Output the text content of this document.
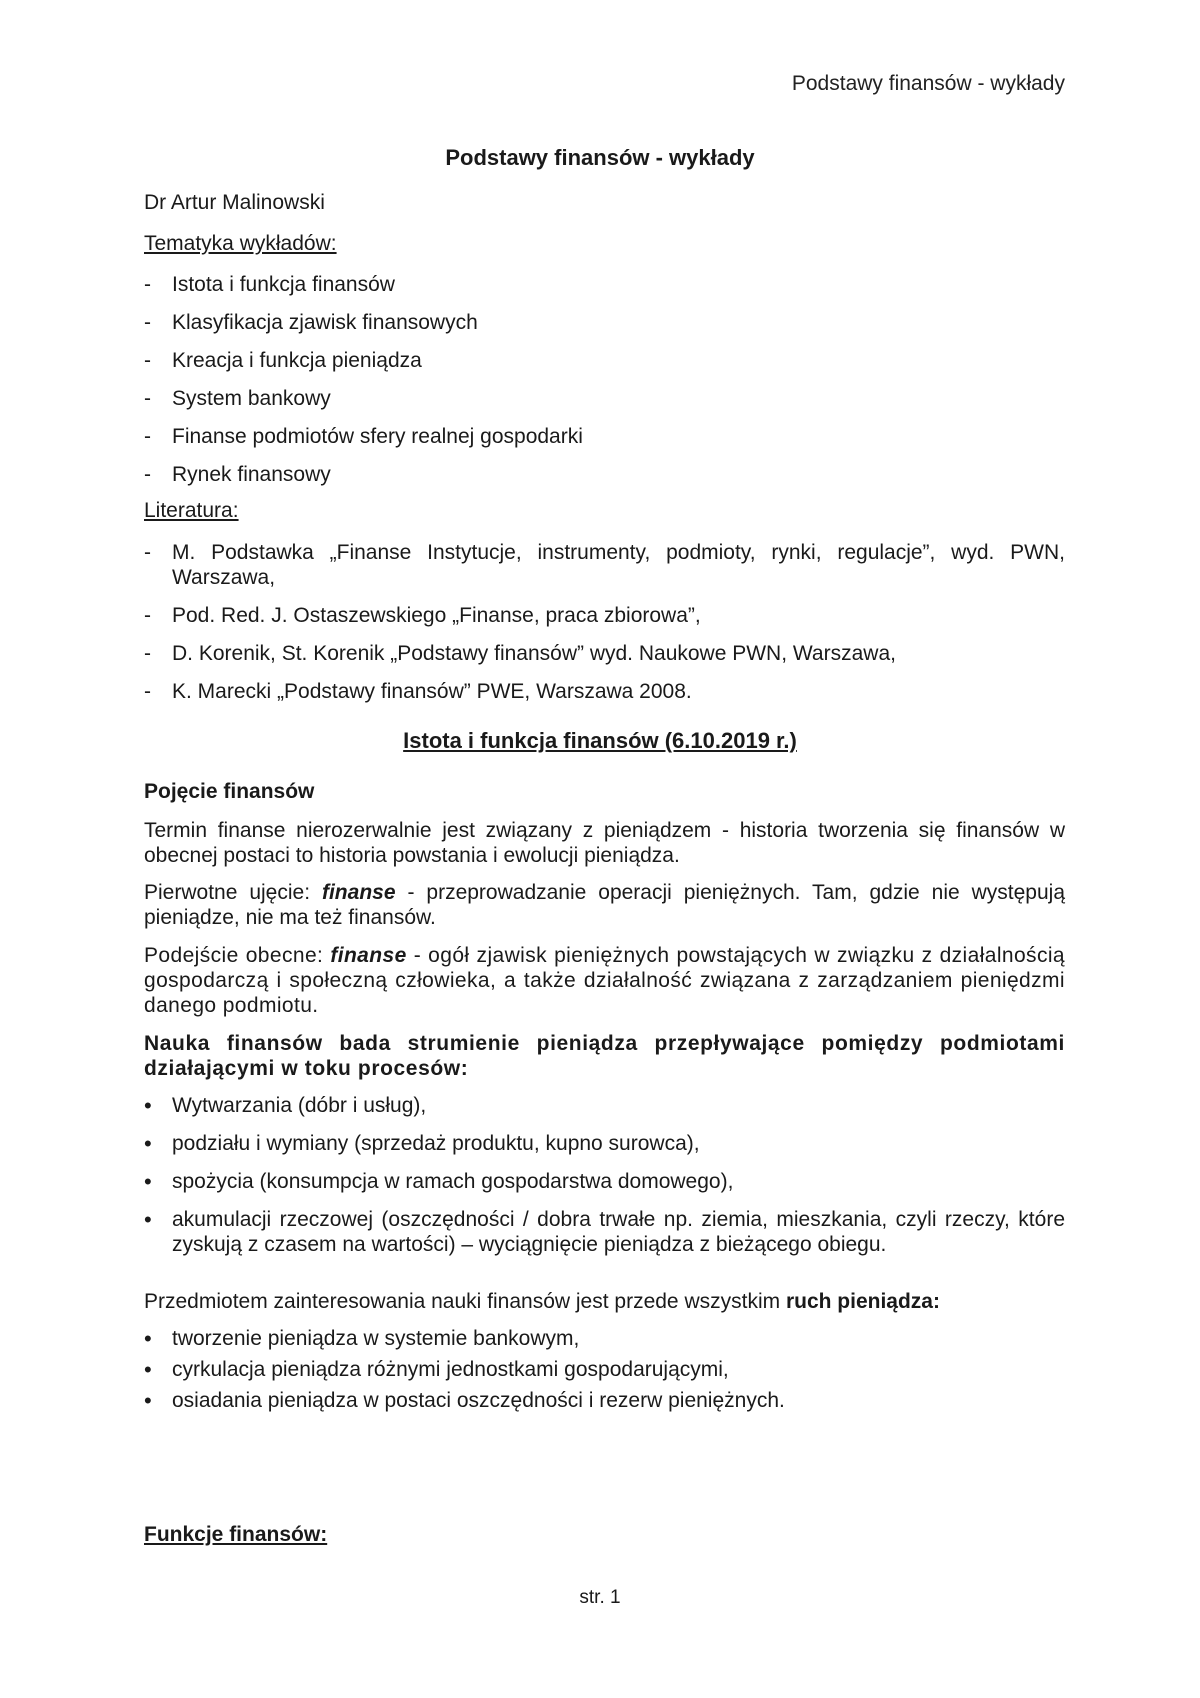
Podstawy finansów - wykłady
Podstawy finansów - wykłady
Dr Artur Malinowski
Tematyka wykładów:
- Istota i funkcja finansów
- Klasyfikacja zjawisk finansowych
- Kreacja i funkcja pieniądza
- System bankowy
- Finanse podmiotów sfery realnej gospodarki
- Rynek finansowy
Literatura:
- M. Podstawka „Finanse Instytucje, instrumenty, podmioty, rynki, regulacje”, wyd. PWN, Warszawa,
- Pod. Red. J. Ostaszewskiego „Finanse, praca zbiorowa”,
- D. Korenik, St. Korenik „Podstawy finansów” wyd. Naukowe PWN, Warszawa,
- K. Marecki „Podstawy finansów” PWE, Warszawa 2008.
Istota i funkcja finansów (6.10.2019 r.)
Pojęcie finansów
Termin finanse nierozerwalnie jest związany z pieniądzem - historia tworzenia się finansów w obecnej postaci to historia powstania i ewolucji pieniądza.
Pierwotne ujęcie: finanse - przeprowadzanie operacji pieniężnych. Tam, gdzie nie występują pieniądze, nie ma też finansów.
Podejście obecne: finanse - ogół zjawisk pieniężnych powstających w związku z działalnością gospodarczą i społeczną człowieka, a także działalność związana z zarządzaniem pieniędzmi danego podmiotu.
Nauka finansów bada strumienie pieniądza przepływające pomiędzy podmiotami działającymi w toku procesów:
• Wytwarzania (dóbr i usług),
• podziału i wymiany (sprzedaż produktu, kupno surowca),
• spożycia (konsumpcja w ramach gospodarstwa domowego),
• akumulacji rzeczowej (oszczędności / dobra trwałe np. ziemia, mieszkania, czyli rzeczy, które zyskują z czasem na wartości) – wyciągnięcie pieniądza z bieżącego obiegu.
Przedmiotem zainteresowania nauki finansów jest przede wszystkim ruch pieniądza:
• tworzenie pieniądza w systemie bankowym,
• cyrkulacja pieniądza różnymi jednostkami gospodarującymi,
• osiadania pieniądza w postaci oszczędności i rezerw pieniężnych.
Funkcje finansów:
str. 1
